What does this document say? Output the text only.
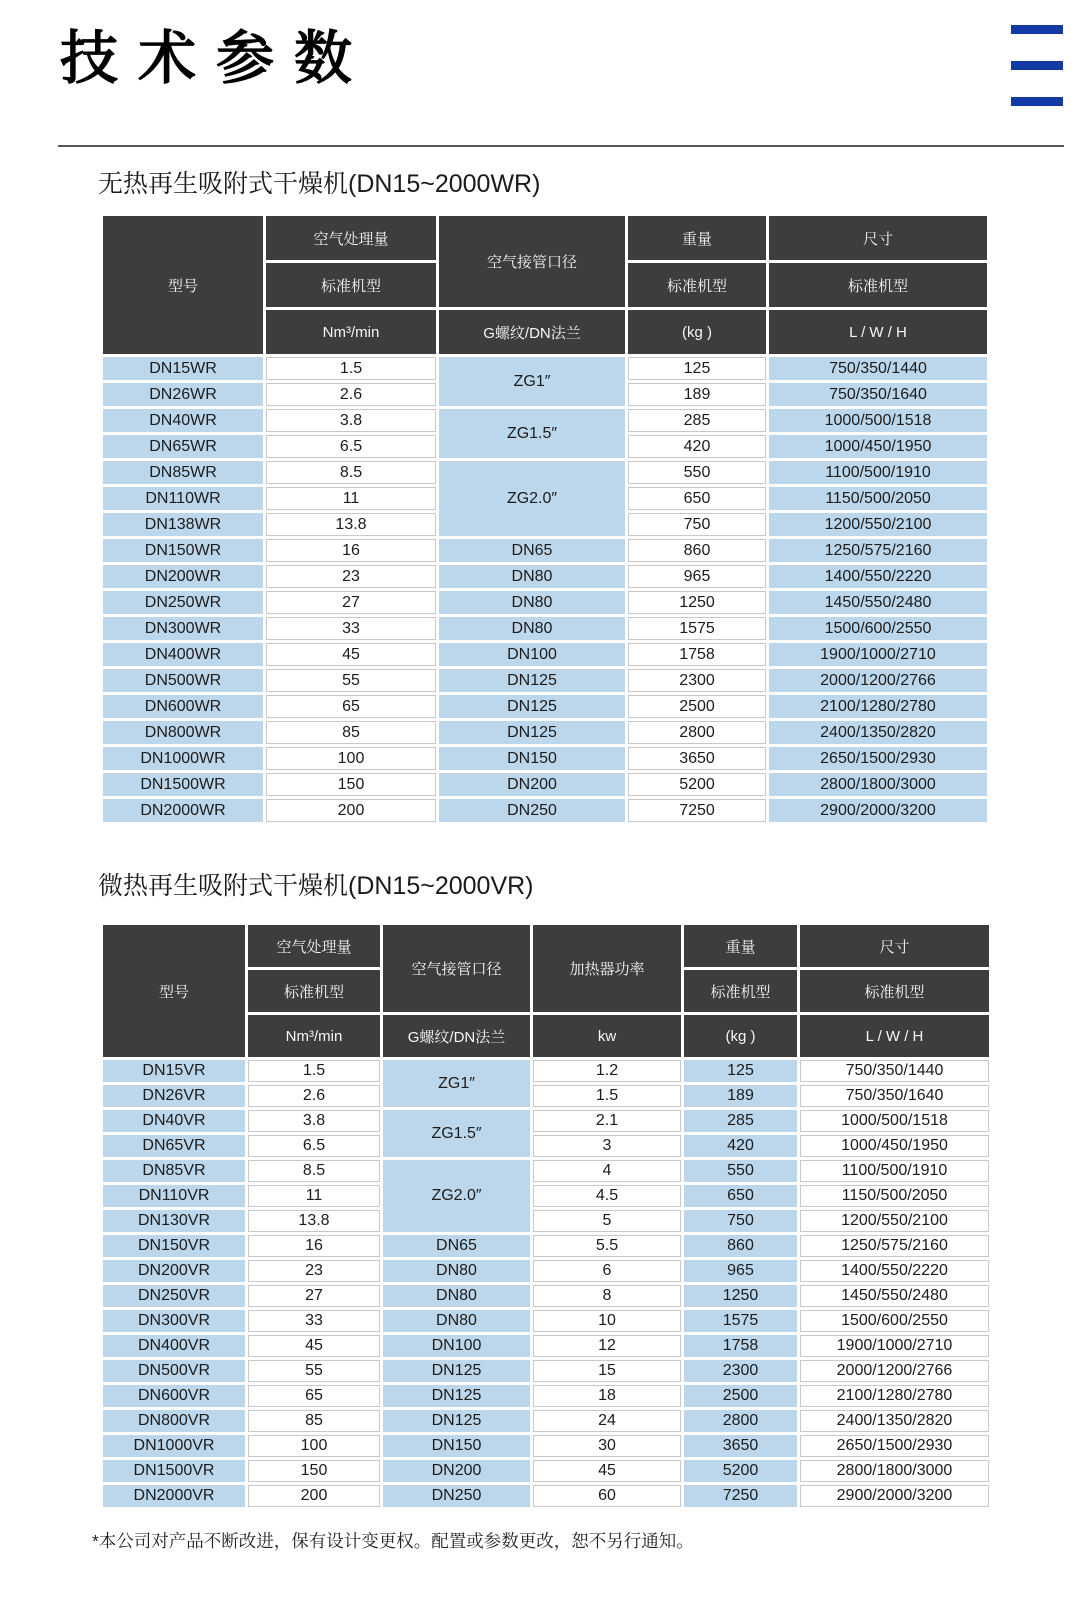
技术参数
无热再生吸附式干燥机(DN15~2000WR)
型号	空气处理量	空气接管口径	重量	尺寸
	标准机型		标准机型	标准机型
	Nm³/min	G螺纹/DN法兰	(kg )	L / W / H
DN15WR	1.5	ZG1″	125	750/350/1440
DN26WR	2.6		189	750/350/1640
DN40WR	3.8	ZG1.5″	285	1000/500/1518
DN65WR	6.5		420	1000/450/1950
DN85WR	8.5	ZG2.0″	550	1100/500/1910
DN110WR	11		650	1150/500/2050
DN138WR	13.8		750	1200/550/2100
DN150WR	16	DN65	860	1250/575/2160
DN200WR	23	DN80	965	1400/550/2220
DN250WR	27	DN80	1250	1450/550/2480
DN300WR	33	DN80	1575	1500/600/2550
DN400WR	45	DN100	1758	1900/1000/2710
DN500WR	55	DN125	2300	2000/1200/2766
DN600WR	65	DN125	2500	2100/1280/2780
DN800WR	85	DN125	2800	2400/1350/2820
DN1000WR	100	DN150	3650	2650/1500/2930
DN1500WR	150	DN200	5200	2800/1800/3000
DN2000WR	200	DN250	7250	2900/2000/3200
微热再生吸附式干燥机(DN15~2000VR)
型号	空气处理量	空气接管口径	加热器功率	重量	尺寸
	标准机型			标准机型	标准机型
	Nm³/min	G螺纹/DN法兰	kw	(kg )	L / W / H
DN15VR	1.5	ZG1″	1.2	125	750/350/1440
DN26VR	2.6		1.5	189	750/350/1640
DN40VR	3.8	ZG1.5″	2.1	285	1000/500/1518
DN65VR	6.5		3	420	1000/450/1950
DN85VR	8.5	ZG2.0″	4	550	1100/500/1910
DN110VR	11		4.5	650	1150/500/2050
DN130VR	13.8		5	750	1200/550/2100
DN150VR	16	DN65	5.5	860	1250/575/2160
DN200VR	23	DN80	6	965	1400/550/2220
DN250VR	27	DN80	8	1250	1450/550/2480
DN300VR	33	DN80	10	1575	1500/600/2550
DN400VR	45	DN100	12	1758	1900/1000/2710
DN500VR	55	DN125	15	2300	2000/1200/2766
DN600VR	65	DN125	18	2500	2100/1280/2780
DN800VR	85	DN125	24	2800	2400/1350/2820
DN1000VR	100	DN150	30	3650	2650/1500/2930
DN1500VR	150	DN200	45	5200	2800/1800/3000
DN2000VR	200	DN250	60	7250	2900/2000/3200

*本公司对产品不断改进，保有设计变更权。配置或参数更改，恕不另行通知。
